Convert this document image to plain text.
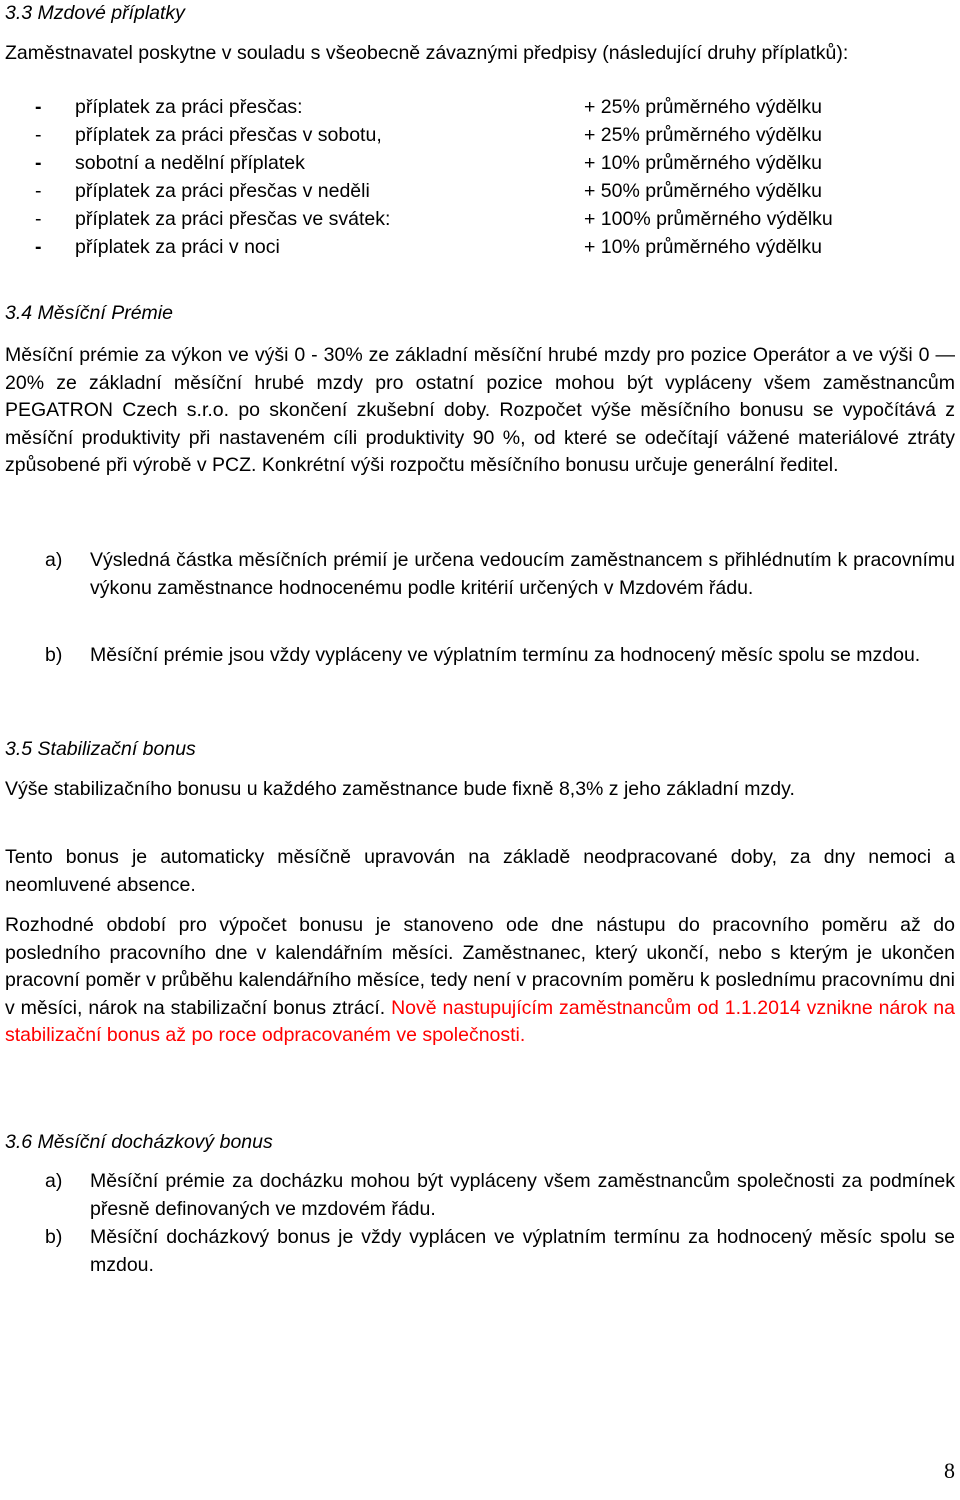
3.3 Mzdové příplatky
Zaměstnavatel poskytne v souladu s všeobecně závaznými předpisy (následující druhy příplatků):
-	příplatek za práci přesčas:	+ 25% průměrného výdělku
-	příplatek za práci přesčas v sobotu,	+ 25% průměrného výdělku
-	sobotní a nedělní příplatek	+ 10% průměrného výdělku
-	příplatek za práci přesčas v neděli	+ 50% průměrného výdělku
-	příplatek za práci přesčas ve svátek:	+ 100% průměrného výdělku
-	příplatek za práci v noci	+ 10% průměrného výdělku
3.4 Měsíční Prémie
Měsíční prémie za výkon ve výši 0 - 30% ze základní měsíční hrubé mzdy pro pozice Operátor a ve výši 0 — 20% ze základní měsíční hrubé mzdy pro ostatní pozice mohou být vypláceny všem zaměstnancům PEGATRON Czech s.r.o. po skončení zkušební doby. Rozpočet výše měsíčního bonusu se vypočítává z měsíční produktivity při nastaveném cíli produktivity 90 %, od které se odečítají vážené materiálové ztráty způsobené při výrobě v PCZ. Konkrétní výši rozpočtu měsíčního bonusu určuje generální ředitel.
a) Výsledná částka měsíčních prémií je určena vedoucím zaměstnancem s přihlédnutím k pracovnímu výkonu zaměstnance hodnocenému podle kritérií určených v Mzdovém řádu.
b) Měsíční prémie jsou vždy vypláceny ve výplatním termínu za hodnocený měsíc spolu se mzdou.
3.5 Stabilizační bonus
Výše stabilizačního bonusu u každého zaměstnance bude fixně 8,3% z jeho základní mzdy.
Tento bonus je automaticky měsíčně upravován na základě neodpracované doby, za dny nemoci a neomluvené absence.
Rozhodné období pro výpočet bonusu je stanoveno ode dne nástupu do pracovního poměru až do posledního pracovního dne v kalendářním měsíci. Zaměstnanec, který ukončí, nebo s kterým je ukončen pracovní poměr v průběhu kalendářního měsíce, tedy není v pracovním poměru k poslednímu pracovnímu dni v měsíci, nárok na stabilizační bonus ztrácí. Nově nastupujícím zaměstnancům od 1.1.2014 vznikne nárok na stabilizační bonus až po roce odpracovaném ve společnosti.
3.6 Měsíční docházkový bonus
a) Měsíční prémie za docházku mohou být vypláceny všem zaměstnancům společnosti za podmínek přesně definovaných ve mzdovém řádu.
b) Měsíční docházkový bonus je vždy vyplácen ve výplatním termínu za hodnocený měsíc spolu se mzdou.
8
